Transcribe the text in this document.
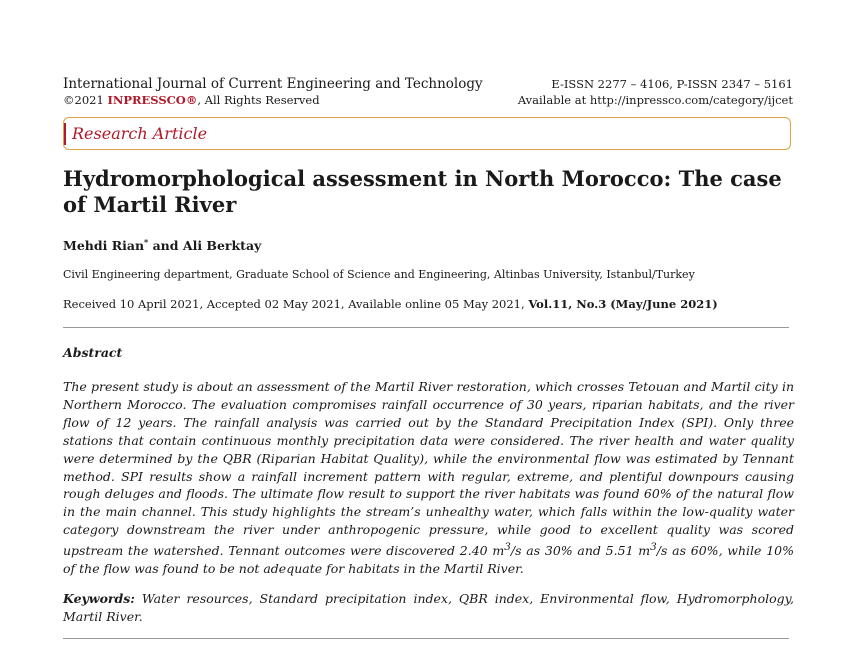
International Journal of Current Engineering and Technology
©2021 INPRESSCO®, All Rights Reserved
E-ISSN 2277 – 4106, P-ISSN 2347 – 5161
Available at http://inpressco.com/category/ijcet
Research Article
Hydromorphological assessment in North Morocco: The case of Martil River
Mehdi Rian* and Ali Berktay
Civil Engineering department, Graduate School of Science and Engineering, Altinbas University, Istanbul/Turkey
Received 10 April 2021, Accepted 02 May 2021, Available online 05 May 2021, Vol.11, No.3 (May/June 2021)
Abstract

The present study is about an assessment of the Martil River restoration, which crosses Tetouan and Martil city in Northern Morocco. The evaluation compromises rainfall occurrence of 30 years, riparian habitats, and the river flow of 12 years. The rainfall analysis was carried out by the Standard Precipitation Index (SPI). Only three stations that contain continuous monthly precipitation data were considered. The river health and water quality were determined by the QBR (Riparian Habitat Quality), while the environmental flow was estimated by Tennant method. SPI results show a rainfall increment pattern with regular, extreme, and plentiful downpours causing rough deluges and floods. The ultimate flow result to support the river habitats was found 60% of the natural flow in the main channel. This study highlights the stream’s unhealthy water, which falls within the low-quality water category downstream the river under anthropogenic pressure, while good to excellent quality was scored upstream the watershed. Tennant outcomes were discovered 2.40 $m^3/s$ as 30% and 5.51 $m^3/s$ as 60%, while 10% of the flow was found to be not adequate for habitats in the Martil River.

Keywords: Water resources, Standard precipitation index, QBR index, Environmental flow, Hydromorphology, Martil River.
